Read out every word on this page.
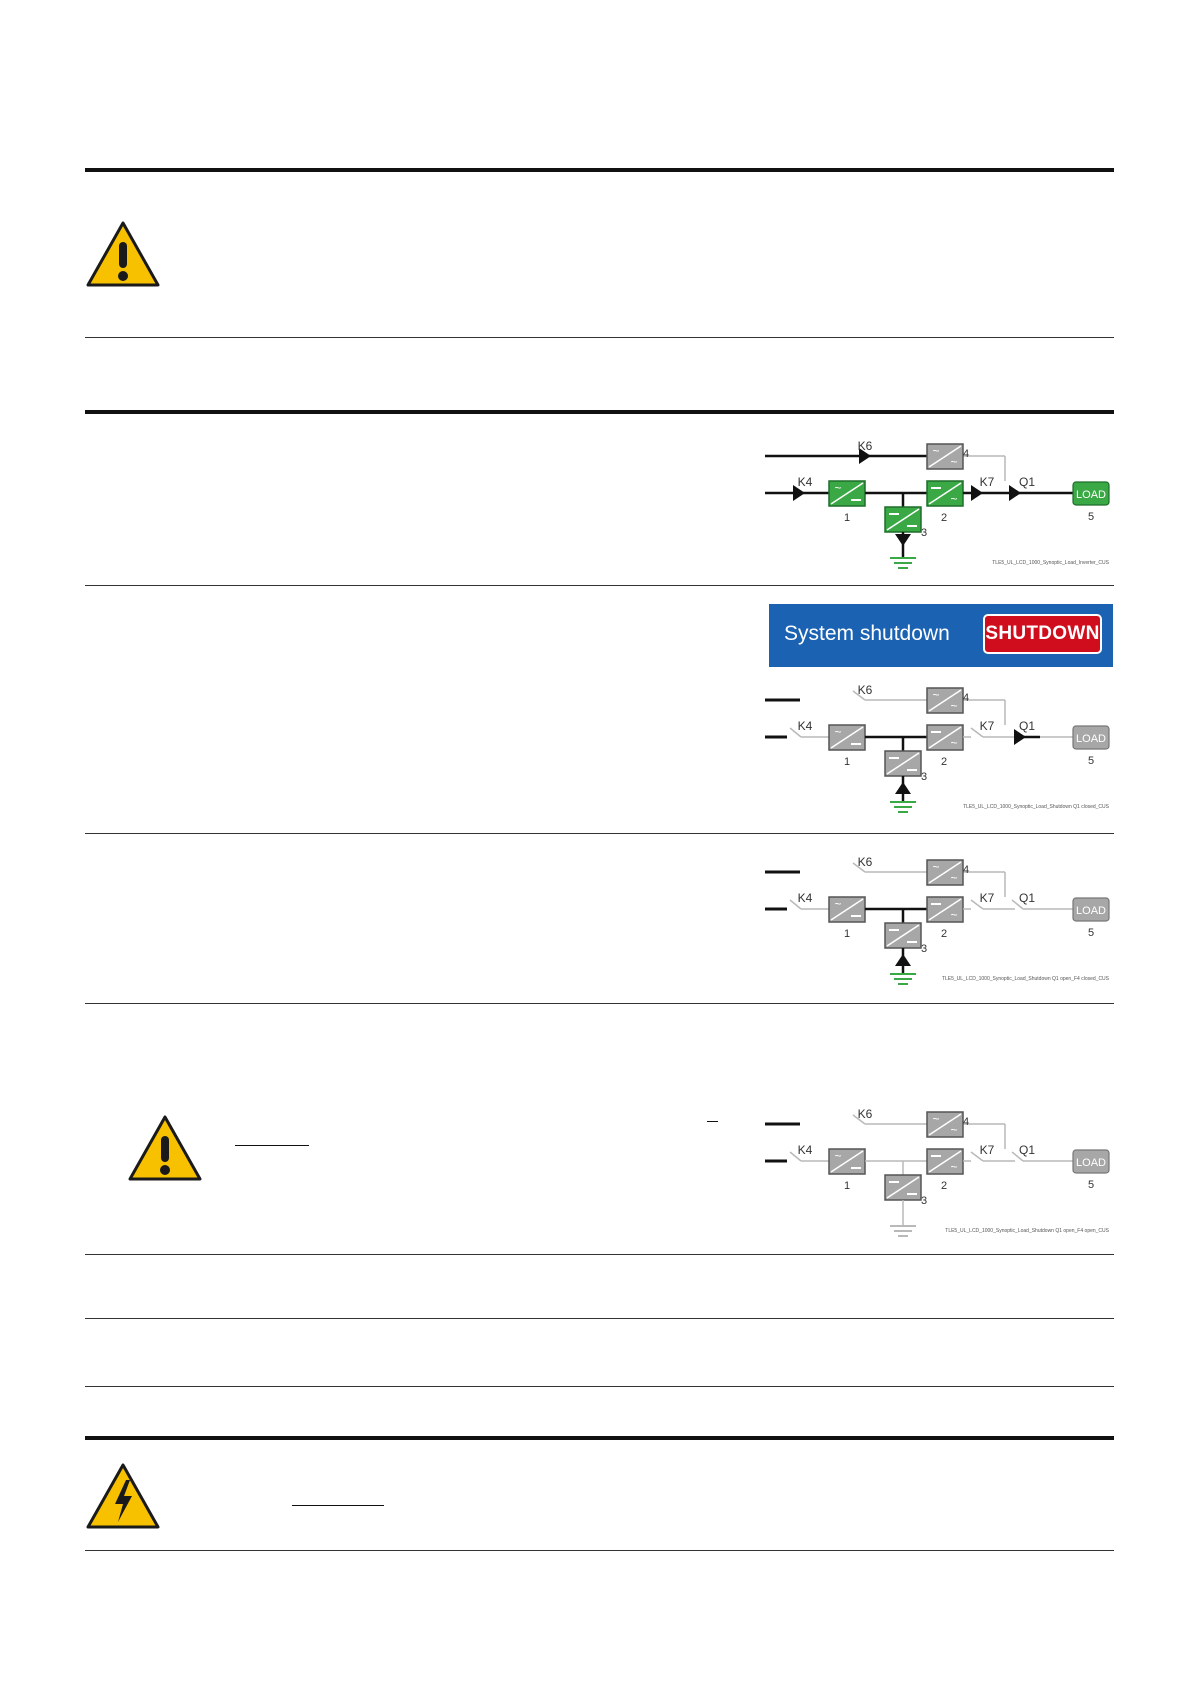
System shutdown SHUTDOWN
~
~
~
~	LOAD
K6
K4	K7 Q1
1	2
3
4
5
TLE5_UL_LCD_1000_Synoptic_Load_Inverter_CUS
~
~
~
~	LOAD
K6
K4	K7 Q1
1	2
3
4
5
TLE5_UL_LCD_1000_Synoptic_Load_Shutdown Q1 closed_CUS
~
~
~
~	LOAD
K6
K4	K7 Q1
1	2
3
4
5
TLE5_UL_LCD_1000_Synoptic_Load_Shutdown Q1 open_F4 closed_CUS
~
~
~
~	LOAD
K6
K4	K7 Q1
1	2
3
4
5
TLE5_UL_LCD_1000_Synoptic_Load_Shutdown Q1 open_F4 open_CUS
